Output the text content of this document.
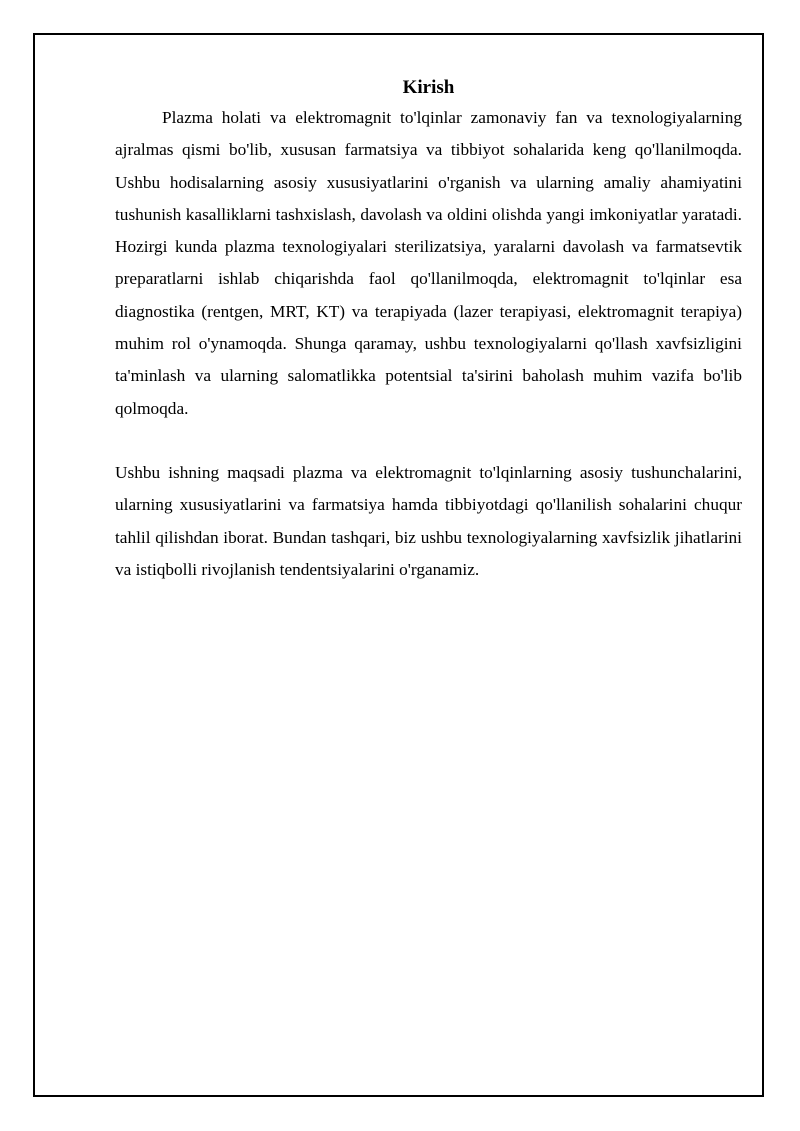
Kirish

Plazma holati va elektromagnit to'lqinlar zamonaviy fan va texnologiyalarning ajralmas qismi bo'lib, xususan farmatsiya va tibbiyot sohalarida keng qo'llanilmoqda. Ushbu hodisalarning asosiy xususiyatlarini o'rganish va ularning amaliy ahamiyatini tushunish kasalliklarni tashxislash, davolash va oldini olishda yangi imkoniyatlar yaratadi. Hozirgi kunda plazma texnologiyalari sterilizatsiya, yaralarni davolash va farmatsevtik preparatlarni ishlab chiqarishda faol qo'llanilmoqda, elektromagnit to'lqinlar esa diagnostika (rentgen, MRT, KT) va terapiyada (lazer terapiyasi, elektromagnit terapiya) muhim rol o'ynamoqda. Shunga qaramay, ushbu texnologiyalarni qo'llash xavfsizligini ta'minlash va ularning salomatlikka potentsial ta'sirini baholash muhim vazifa bo'lib qolmoqda.

Ushbu ishning maqsadi plazma va elektromagnit to'lqinlarning asosiy tushunchalarini, ularning xususiyatlarini va farmatsiya hamda tibbiyotdagi qo'llanilish sohalarini chuqur tahlil qilishdan iborat. Bundan tashqari, biz ushbu texnologiyalarning xavfsizlik jihatlarini va istiqbolli rivojlanish tendentsiyalarini o'rganamiz.
